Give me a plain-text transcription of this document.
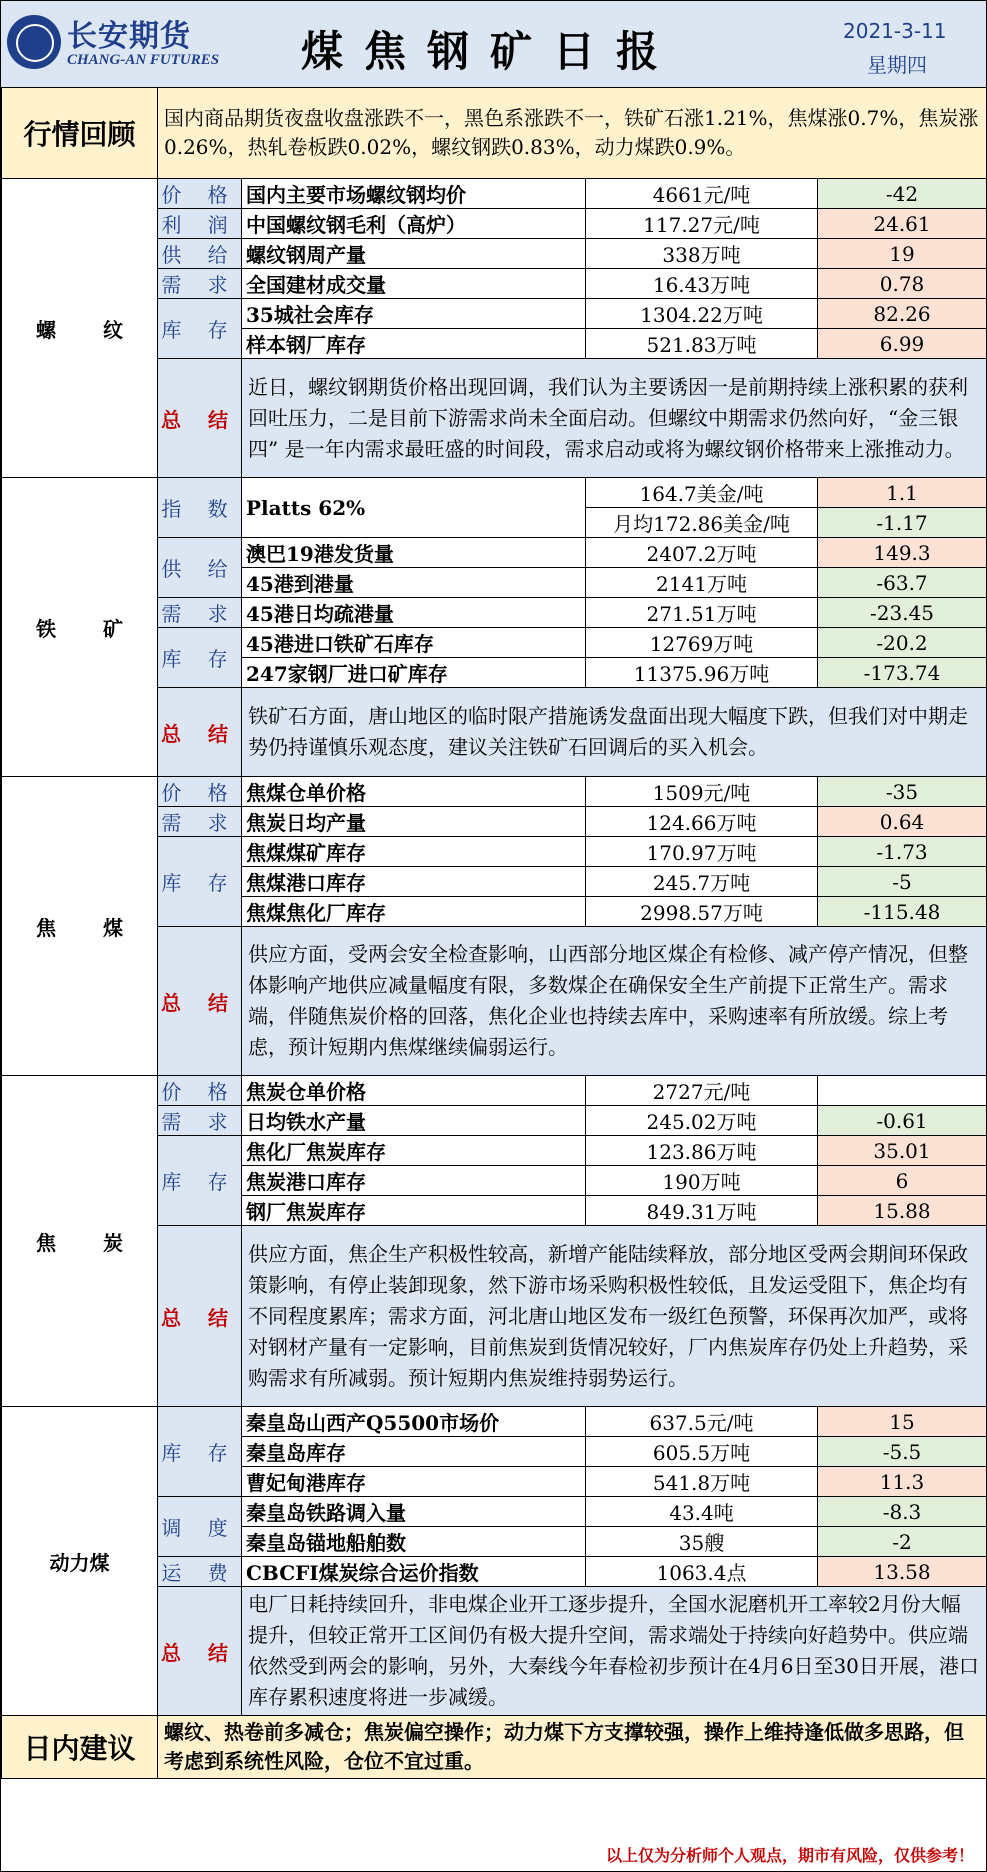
长安期货
CHANG-AN FUTURES 煤焦钢矿日报	2021-3-11
星期四
行情回顾	国内商品期货夜盘收盘涨跌不一，黑色系涨跌不一，铁矿石涨1.21%，焦煤涨0.7%，焦炭涨0.26%，热轧卷板跌0.02%，螺纹钢跌0.83%，动力煤跌0.9%。			
螺 纹	价 格	国内主要市场螺纹钢均价	4661元/吨	-42
	利 润	中国螺纹钢毛利（高炉）	117.27元/吨	24.61
	供 给	螺纹钢周产量	338万吨	19
	需 求	全国建材成交量	16.43万吨	0.78
	库 存	35城社会库存	1304.22万吨	82.26
		样本钢厂库存	521.83万吨	6.99
	总 结	近日，螺纹钢期货价格出现回调，我们认为主要诱因一是前期持续上涨积累的获利回吐压力，二是目前下游需求尚未全面启动。但螺纹中期需求仍然向好，“金三银四” 是一年内需求最旺盛的时间段，需求启动或将为螺纹钢价格带来上涨推动力。		
铁 矿	指 数	Platts 62%	164.7美金/吨	1.1
			月均172.86美金/吨	-1.17
	供 给	澳巴19港发货量	2407.2万吨	149.3
		45港到港量	2141万吨	-63.7
	需 求	45港日均疏港量	271.51万吨	-23.45
	库 存	45港进口铁矿石库存	12769万吨	-20.2
		247家钢厂进口矿库存	11375.96万吨	-173.74
	总 结	铁矿石方面，唐山地区的临时限产措施诱发盘面出现大幅度下跌，但我们对中期走势仍持谨慎乐观态度，建议关注铁矿石回调后的买入机会。		
焦 煤	价 格	焦煤仓单价格	1509元/吨	-35
	需 求	焦炭日均产量	124.66万吨	0.64
	库 存	焦煤煤矿库存	170.97万吨	-1.73
		焦煤港口库存	245.7万吨	-5
		焦煤焦化厂库存	2998.57万吨	-115.48
	总 结	供应方面，受两会安全检查影响，山西部分地区煤企有检修、减产停产情况，但整体影响产地供应减量幅度有限，多数煤企在确保安全生产前提下正常生产。需求端，伴随焦炭价格的回落，焦化企业也持续去库中，采购速率有所放缓。综上考虑，预计短期内焦煤继续偏弱运行。		
焦 炭	价 格	焦炭仓单价格	2727元/吨	
	需 求	日均铁水产量	245.02万吨	-0.61
	库 存	焦化厂焦炭库存	123.86万吨	35.01
		焦炭港口库存	190万吨	6
		钢厂焦炭库存	849.31万吨	15.88
	总 结	供应方面，焦企生产积极性较高，新增产能陆续释放，部分地区受两会期间环保政策影响，有停止装卸现象，然下游市场采购积极性较低，且发运受阻下，焦企均有不同程度累库；需求方面，河北唐山地区发布一级红色预警，环保再次加严，或将对钢材产量有一定影响，目前焦炭到货情况较好，厂内焦炭库存仍处上升趋势，采购需求有所减弱。预计短期内焦炭维持弱势运行。		
动力煤	库 存	秦皇岛山西产Q5500市场价	637.5元/吨	15
		秦皇岛库存	605.5万吨	-5.5
		曹妃甸港库存	541.8万吨	11.3
	调 度	秦皇岛铁路调入量	43.4吨	-8.3
		秦皇岛锚地船舶数	35艘	-2
	运 费	CBCFI煤炭综合运价指数	1063.4点	13.58
	总 结	电厂日耗持续回升，非电煤企业开工逐步提升，全国水泥磨机开工率较2月份大幅提升，但较正常开工区间仍有极大提升空间，需求端处于持续向好趋势中。供应端依然受到两会的影响，另外，大秦线今年春检初步预计在4月6日至30日开展，港口库存累积速度将进一步减缓。		
日内建议	螺纹、热卷前多减仓；焦炭偏空操作；动力煤下方支撑较强，操作上维持逢低做多思路，但考虑到系统性风险，仓位不宜过重。			
以上仅为分析师个人观点，期市有风险，仅供参考！
